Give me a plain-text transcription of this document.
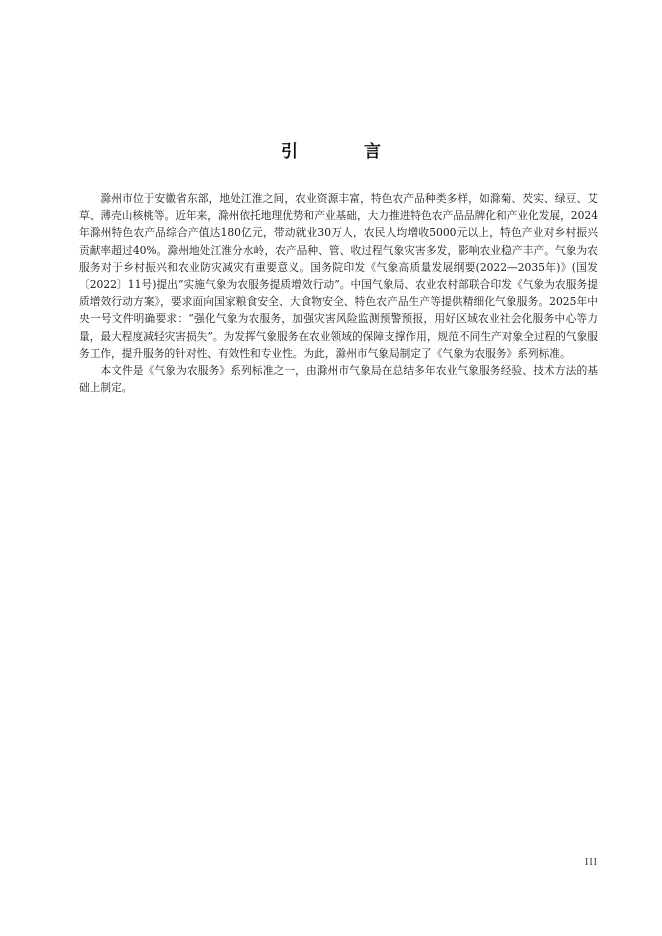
引 言

滁州市位于安徽省东部，地处江淮之间，农业资源丰富，特色农产品种类多样，如滁菊、芡实、绿豆、艾草、薄壳山核桃等。近年来，滁州依托地理优势和产业基础，大力推进特色农产品品牌化和产业化发展，2024年滁州特色农产品综合产值达180亿元，带动就业30万人，农民人均增收5000元以上，特色产业对乡村振兴贡献率超过40%。滁州地处江淮分水岭，农产品种、管、收过程气象灾害多发，影响农业稳产丰产。气象为农服务对于乡村振兴和农业防灾减灾有重要意义。国务院印发《气象高质量发展纲要(2022—2035年)》(国发〔2022〕11号)提出“实施气象为农服务提质增效行动”。中国气象局、农业农村部联合印发《气象为农服务提质增效行动方案》，要求面向国家粮食安全、大食物安全、特色农产品生产等提供精细化气象服务。2025年中央一号文件明确要求：“强化气象为农服务，加强灾害风险监测预警预报，用好区域农业社会化服务中心等力量，最大程度减轻灾害损失”。为发挥气象服务在农业领域的保障支撑作用，规范不同生产对象全过程的气象服务工作，提升服务的针对性、有效性和专业性。为此，滁州市气象局制定了《气象为农服务》系列标准。

本文件是《气象为农服务》系列标准之一，由滁州市气象局在总结多年农业气象服务经验、技术方法的基础上制定。

III
